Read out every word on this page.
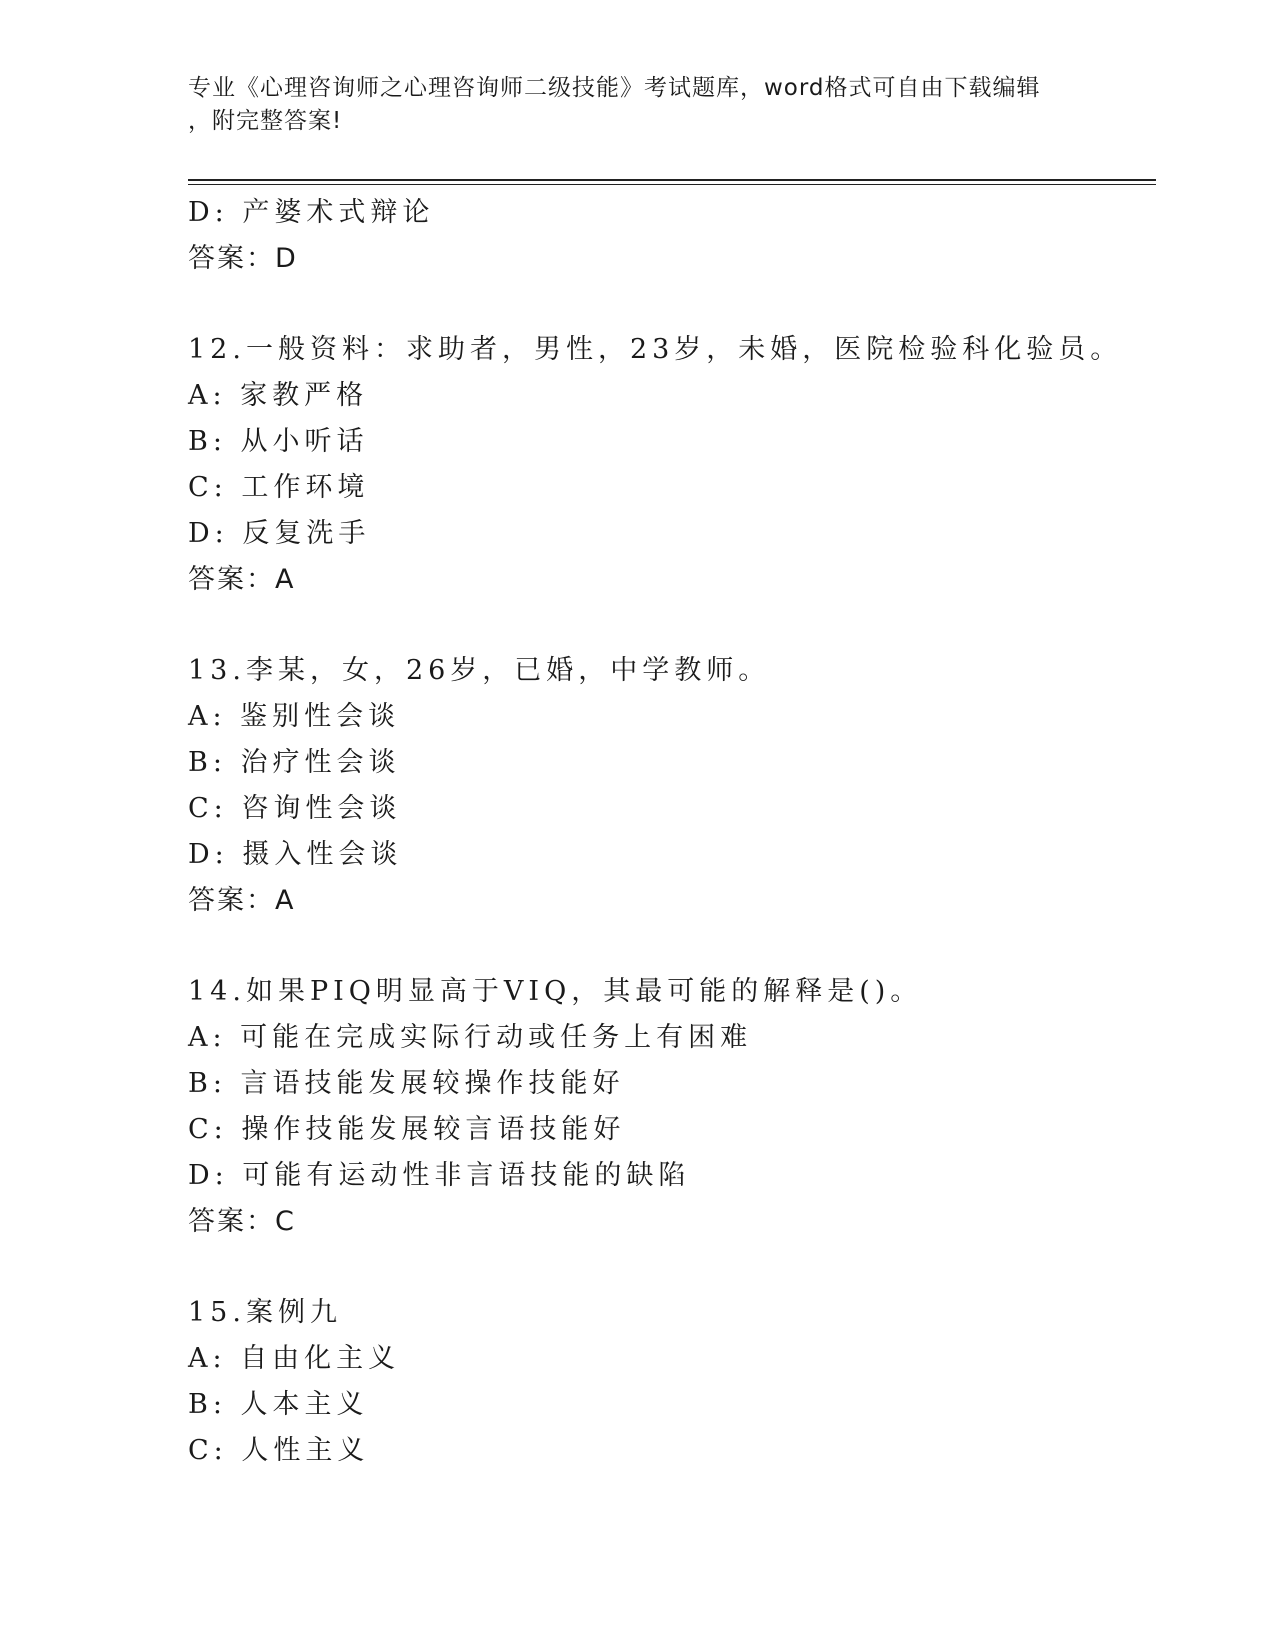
专业《心理咨询师之心理咨询师二级技能》考试题库，word格式可自由下载编辑
，附完整答案!
D: 产婆术式辩论
答案：D
12.一般资料：求助者，男性，23岁，未婚，医院检验科化验员。
A: 家教严格
B: 从小听话
C: 工作环境
D: 反复洗手
答案：A
13.李某，女，26岁，已婚，中学教师。
A: 鉴别性会谈
B: 治疗性会谈
C: 咨询性会谈
D: 摄入性会谈
答案：A
14.如果PIQ明显高于VIQ，其最可能的解释是()。
A: 可能在完成实际行动或任务上有困难
B: 言语技能发展较操作技能好
C: 操作技能发展较言语技能好
D: 可能有运动性非言语技能的缺陷
答案：C
15.案例九
A: 自由化主义
B: 人本主义
C: 人性主义
